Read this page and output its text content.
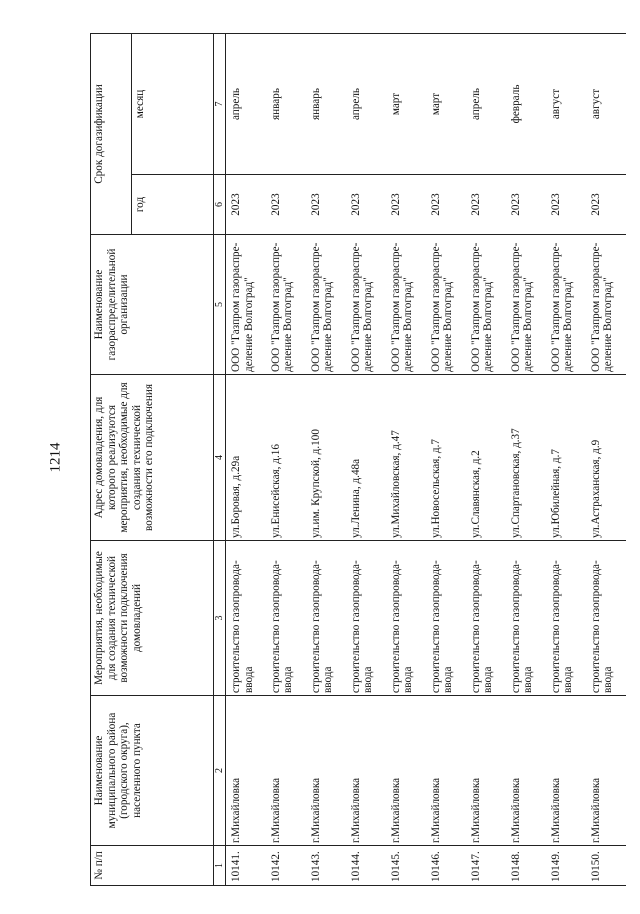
1214
№ п/п	Наименование муниципального района (городского округа), населенного пункта	Мероприятия, необходимые для создания технической возможности подключения домовладений	Адрес домовладения, для которого реализуются мероприятия, необходимые для создания технической возможности его подключения	Наименование газораспределительной организации	Срок догазификации	
					год	месяц
1	2	3	4	5	6	7
10141.	г.Михайловка	строительство газопровода-ввода	ул.Боровая, д.29а	ООО "Газпром газораспре-деление Волгоград"	2023	апрель
10142.	г.Михайловка	строительство газопровода-ввода	ул.Енисейская, д.16	ООО "Газпром газораспре-деление Волгоград"	2023	январь
10143.	г.Михайловка	строительство газопровода-ввода	ул.им. Крупской, д.100	ООО "Газпром газораспре-деление Волгоград"	2023	январь
10144.	г.Михайловка	строительство газопровода-ввода	ул.Ленина, д.48а	ООО "Газпром газораспре-деление Волгоград"	2023	апрель
10145.	г.Михайловка	строительство газопровода-ввода	ул.Михайловская, д.47	ООО "Газпром газораспре-деление Волгоград"	2023	март
10146.	г.Михайловка	строительство газопровода-ввода	ул.Новосельская, д.7	ООО "Газпром газораспре-деление Волгоград"	2023	март
10147.	г.Михайловка	строительство газопровода-ввода	ул.Славянская, д.2	ООО "Газпром газораспре-деление Волгоград"	2023	апрель
10148.	г.Михайловка	строительство газопровода-ввода	ул.Спартановская, д.37	ООО "Газпром газораспре-деление Волгоград"	2023	февраль
10149.	г.Михайловка	строительство газопровода-ввода	ул.Юбилейная, д.7	ООО "Газпром газораспре-деление Волгоград"	2023	август
10150.	г.Михайловка	строительство газопровода-ввода	ул.Астраханская, д.9	ООО "Газпром газораспре-деление Волгоград"	2023	август
